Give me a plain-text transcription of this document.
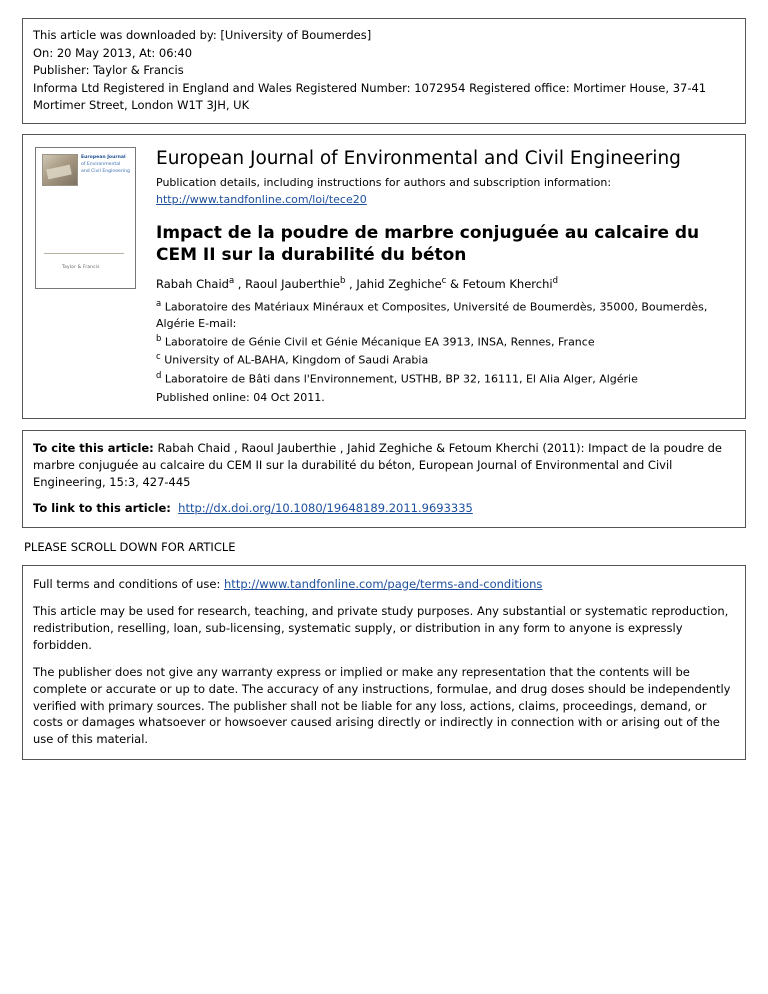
This article was downloaded by: [University of Boumerdes]
On: 20 May 2013, At: 06:40
Publisher: Taylor & Francis
Informa Ltd Registered in England and Wales Registered Number: 1072954 Registered office: Mortimer House, 37-41 Mortimer Street, London W1T 3JH, UK
European Journal
of Environmental
and Civil Engineering
Taylor & Francis
European Journal of Environmental and Civil Engineering
Publication details, including instructions for authors and subscription information:
http://www.tandfonline.com/loi/tece20
Impact de la poudre de marbre conjuguée au calcaire du CEM II sur la durabilité du béton
Rabah Chaid$^a$ , Raoul Jauberthie$^b$ , Jahid Zeghiche$^c$ & Fetoum Kherchi$^d$
$^a$ Laboratoire des Matériaux Minéraux et Composites, Université de Boumerdès, 35000, Boumerdès, Algérie E-mail:
$^b$ Laboratoire de Génie Civil et Génie Mécanique EA 3913, INSA, Rennes, France
$^c$ University of AL-BAHA, Kingdom of Saudi Arabia
$^d$ Laboratoire de Bâti dans l'Environnement, USTHB, BP 32, 16111, El Alia Alger, Algérie
Published online: 04 Oct 2011.
To cite this article: Rabah Chaid , Raoul Jauberthie , Jahid Zeghiche & Fetoum Kherchi (2011): Impact de la poudre de marbre conjuguée au calcaire du CEM II sur la durabilité du béton, European Journal of Environmental and Civil Engineering, 15:3, 427-445
To link to this article: http://dx.doi.org/10.1080/19648189.2011.9693335
PLEASE SCROLL DOWN FOR ARTICLE
Full terms and conditions of use: http://www.tandfonline.com/page/terms-and-conditions
This article may be used for research, teaching, and private study purposes. Any substantial or systematic reproduction, redistribution, reselling, loan, sub-licensing, systematic supply, or distribution in any form to anyone is expressly forbidden.
The publisher does not give any warranty express or implied or make any representation that the contents will be complete or accurate or up to date. The accuracy of any instructions, formulae, and drug doses should be independently verified with primary sources. The publisher shall not be liable for any loss, actions, claims, proceedings, demand, or costs or damages whatsoever or howsoever caused arising directly or indirectly in connection with or arising out of the use of this material.
